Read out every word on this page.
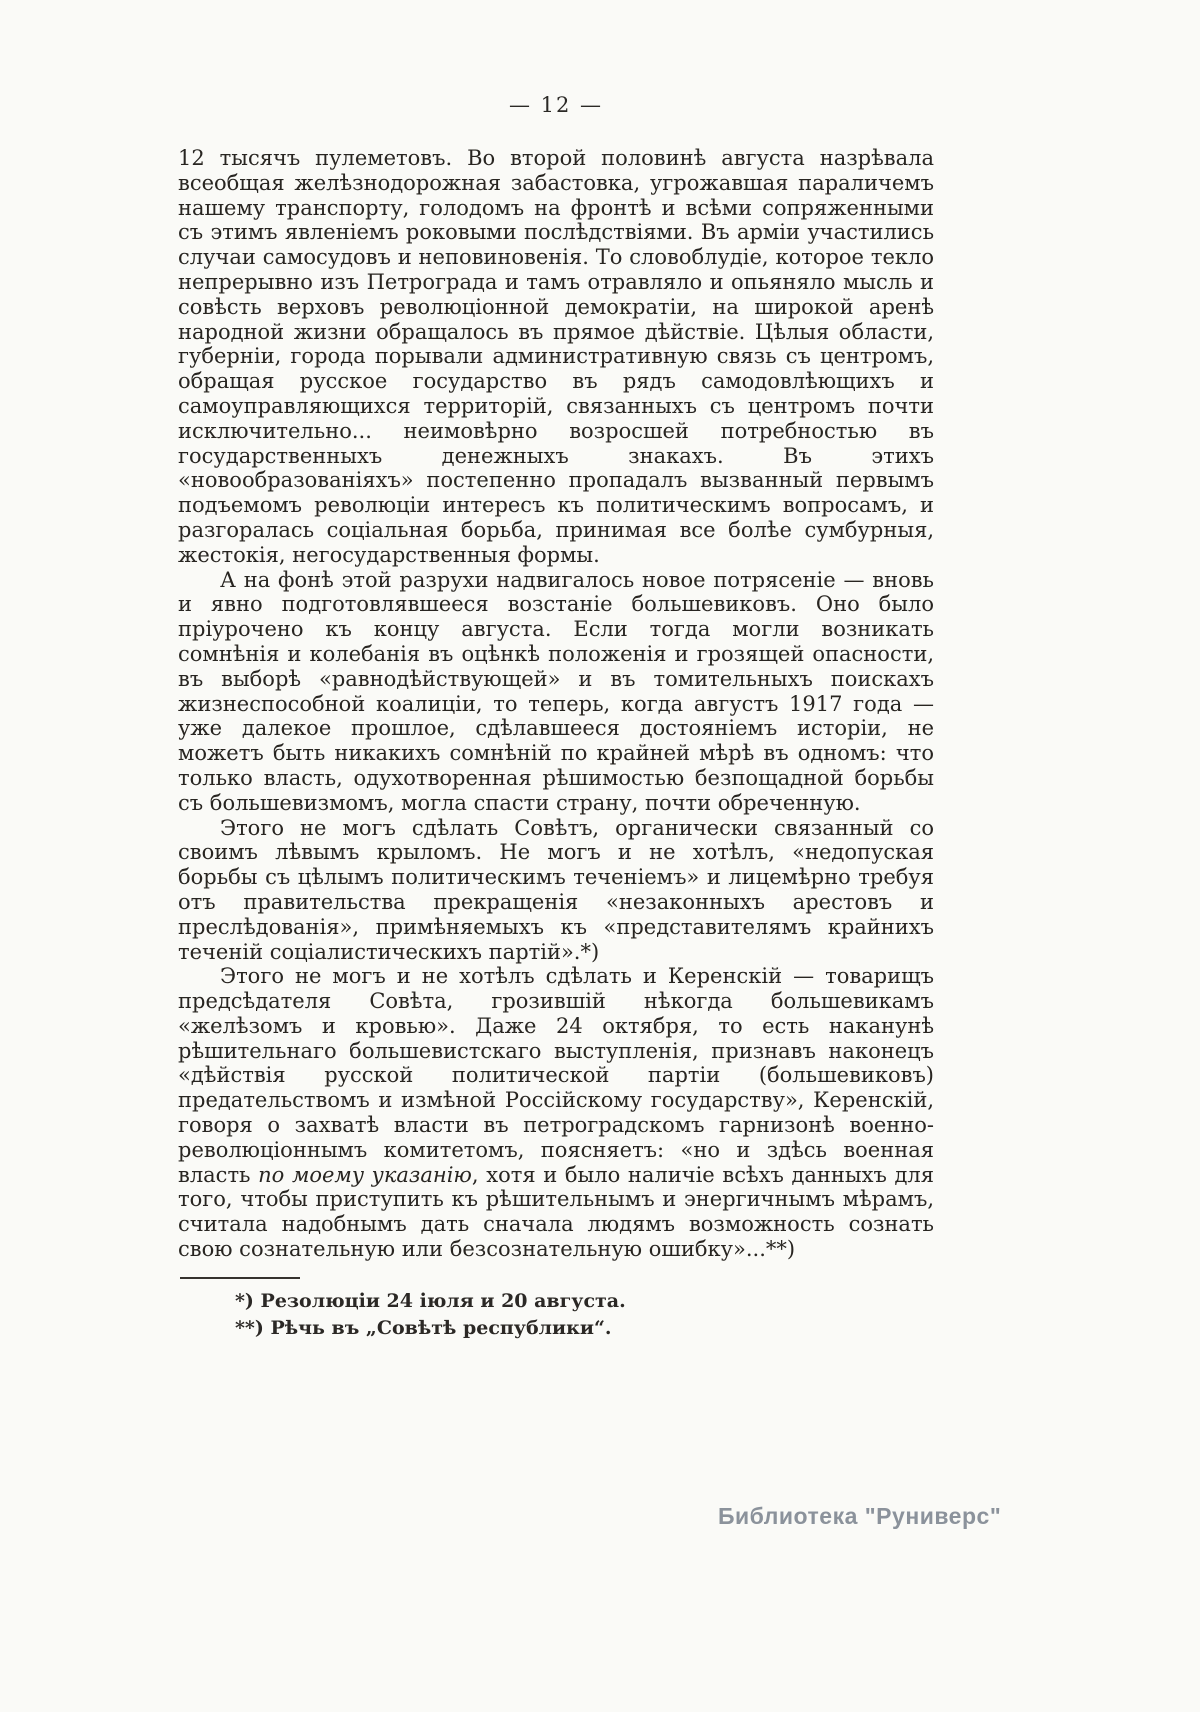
— 12 —

12 тысячъ пулеметовъ. Во второй половинѣ августа назрѣвала всеобщая желѣзнодорожная забастовка, угрожавшая параличемъ нашему транспорту, голодомъ на фронтѣ и всѣми сопряженными съ этимъ явленіемъ роковыми послѣдствіями. Въ арміи участились случаи самосудовъ и неповиновенія. То словоблудіе, которое текло непрерывно изъ Петрограда и тамъ отравляло и опьяняло мысль и совѣсть верховъ революціонной демократіи, на широкой аренѣ народной жизни обращалось въ прямое дѣйствіе. Цѣлыя области, губерніи, города порывали административную связь съ центромъ, обращая русское государство въ рядъ самодовлѣющихъ и самоуправляющихся территорій, связанныхъ съ центромъ почти исключительно... неимовѣрно возросшей потребностью въ государственныхъ денежныхъ знакахъ. Въ этихъ «новообразованіяхъ» постепенно пропадалъ вызванный первымъ подъемомъ революціи интересъ къ политическимъ вопросамъ, и разгоралась соціальная борьба, принимая все болѣе сумбурныя, жестокія, негосударственныя формы.

А на фонѣ этой разрухи надвигалось новое потрясеніе — вновь и явно подготовлявшееся возстаніе большевиковъ. Оно было пріурочено къ концу августа. Если тогда могли возникать сомнѣнія и колебанія въ оцѣнкѣ положенія и грозящей опасности, въ выборѣ «равнодѣйствующей» и въ томительныхъ поискахъ жизнеспособной коалиціи, то теперь, когда августъ 1917 года — уже далекое прошлое, сдѣлавшееся достояніемъ исторіи, не можетъ быть никакихъ сомнѣній по крайней мѣрѣ въ одномъ: что только власть, одухотворенная рѣшимостью безпощадной борьбы съ большевизмомъ, могла спасти страну, почти обреченную.

Этого не могъ сдѣлать Совѣтъ, органически связанный со своимъ лѣвымъ крыломъ. Не могъ и не хотѣлъ, «недопуская борьбы съ цѣлымъ политическимъ теченіемъ» и лицемѣрно требуя отъ правительства прекращенія «незаконныхъ арестовъ и преслѣдованія», примѣняемыхъ къ «представителямъ крайнихъ теченій соціалистическихъ партій».*)

Этого не могъ и не хотѣлъ сдѣлать и Керенскій — товарищъ предсѣдателя Совѣта, грозившій нѣкогда большевикамъ «желѣзомъ и кровью». Даже 24 октября, то есть наканунѣ рѣшительнаго большевистскаго выступленія, признавъ наконецъ «дѣйствія русской политической партіи (большевиковъ) предательствомъ и измѣной Россійскому государству», Керенскій, говоря о захватѣ власти въ петроградскомъ гарнизонѣ военно-революціоннымъ комитетомъ, поясняетъ: «но и здѣсь военная власть по моему указанію, хотя и было наличіе всѣхъ данныхъ для того, чтобы приступить къ рѣшительнымъ и энергичнымъ мѣрамъ, считала надобнымъ дать сначала людямъ возможность сознать свою сознательную или безсознательную ошибку»...**)

*) Резолюціи 24 іюля и 20 августа.

**) Рѣчь въ „Совѣтѣ республики“.

Библиотека "Руниверс"
